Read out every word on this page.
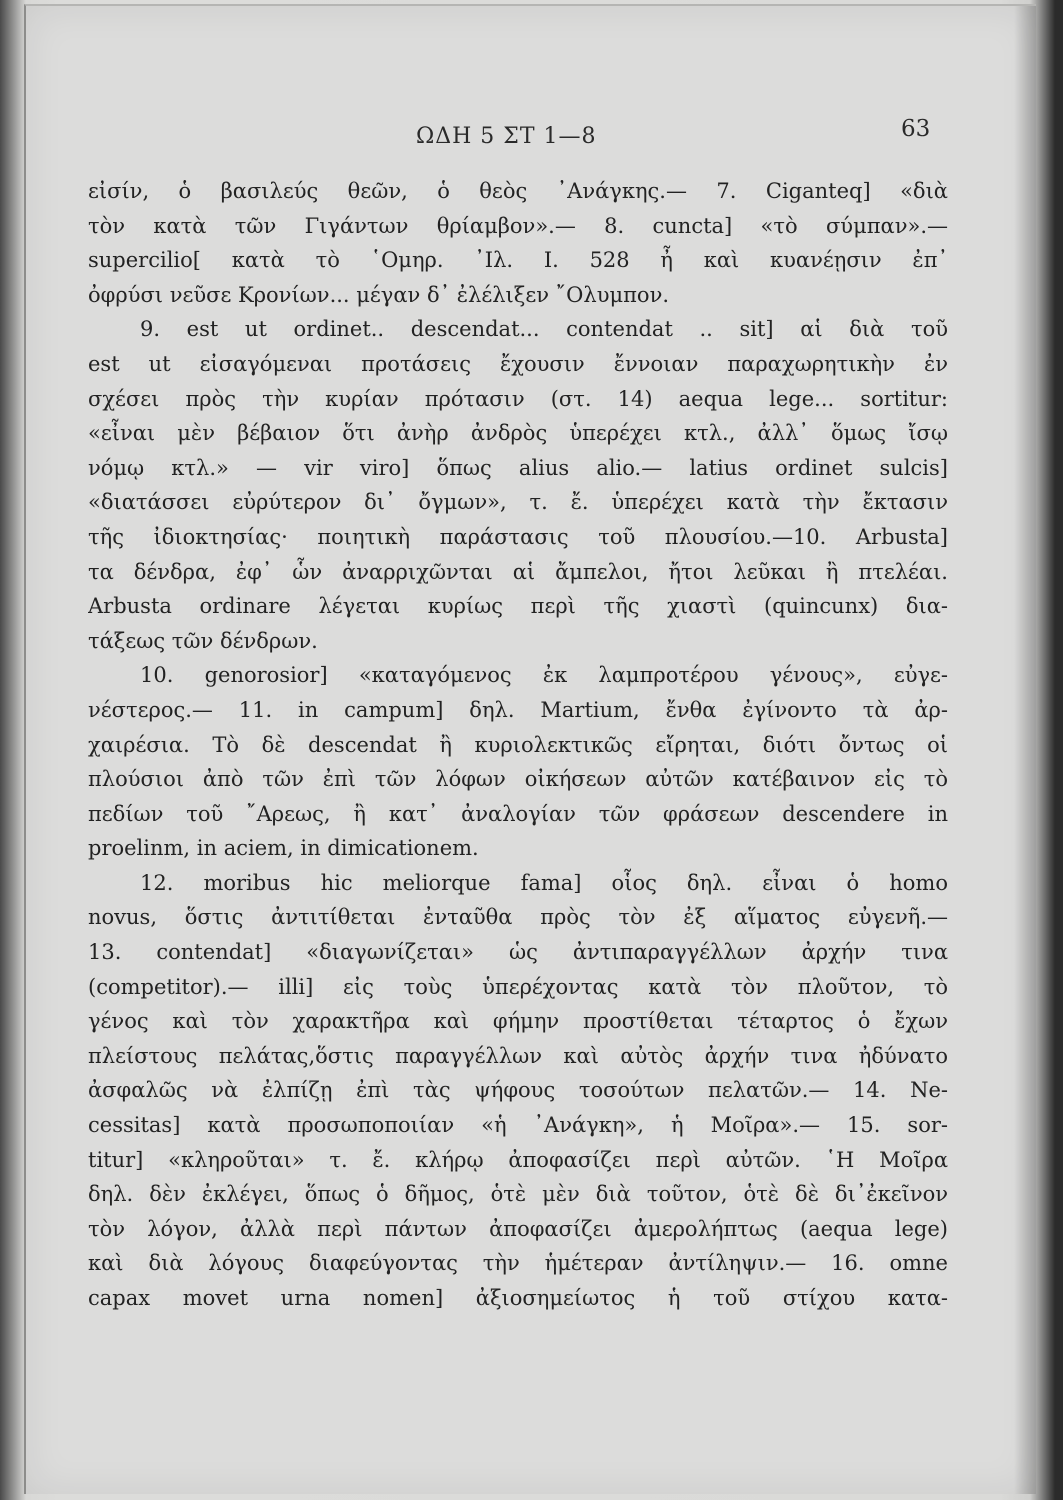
ΩΔΗ 5 ΣΤ 1—8	63
εἰσίν, ὁ βασιλεύς θεῶν, ὁ θεὸς ᾿Ανάγκης.— 7. Ciganteq] «διὰ
τὸν κατὰ τῶν Γιγάντων θρίαμβον».— 8. cuncta] «τὸ σύμπαν».—
supercilio[ κατὰ τὸ ῾Ομηρ. ᾿Ιλ. Ι. 528 ἦ καὶ κυανέῃσιν ἐπ᾿
ὀφρύσι νεῦσε Κρονίων... μέγαν δ᾿ ἐλέλιξεν ῎Ολυμπον.
9. est ut ordinet.. descendat... contendat .. sit] αἱ διὰ τοῦ
est ut εἰσαγόμεναι προτάσεις ἔχουσιν ἔννοιαν παραχωρητικὴν ἐν
σχέσει πρὸς τὴν κυρίαν πρότασιν (στ. 14) aequa lege... sortitur:
«εἶναι μὲν βέβαιον ὅτι ἀνὴρ ἀνδρὸς ὑπερέχει κτλ., ἀλλ᾿ ὅμως ἴσῳ
νόμῳ κτλ.» — vir viro] ὅπως alius alio.— latius ordinet sulcis]
«διατάσσει εὐρύτερον δι᾿ ὄγμων», τ. ἔ. ὑπερέχει κατὰ τὴν ἔκτασιν
τῆς ἰδιοκτησίας· ποιητικὴ παράστασις τοῦ πλουσίου.—10. Arbusta]
τα δένδρα, ἐφ᾿ ὧν ἀναρριχῶνται αἱ ἄμπελοι, ἤτοι λεῦκαι ἢ πτελέαι.
Arbusta ordinare λέγεται κυρίως περὶ τῆς χιαστὶ (quincunx) δια-
τάξεως τῶν δένδρων.
10. genorosior] «καταγόμενος ἐκ λαμπροτέρου γένους», εὐγε-
νέστερος.— 11. in campum] δηλ. Martium, ἔνθα ἐγίνοντο τὰ ἀρ-
χαιρέσια. Τὸ δὲ descendat ἢ κυριολεκτικῶς εἴρηται, διότι ὄντως οἱ
πλούσιοι ἀπὸ τῶν ἐπὶ τῶν λόφων οἰκήσεων αὐτῶν κατέβαινον εἰς τὸ
πεδίων τοῦ ῎Αρεως, ἢ κατ᾿ ἀναλογίαν τῶν φράσεων descendere in
proelinm, in aciem, in dimicationem.
12. moribus hic meliorque fama] οἷος δηλ. εἶναι ὁ homo
novus, ὅστις ἀντιτίθεται ἐνταῦθα πρὸς τὸν ἐξ αἵματος εὐγενῆ.—
13. contendat] «διαγωνίζεται» ὡς ἀντιπαραγγέλλων ἀρχήν τινα
(competitor).— illi] εἰς τοὺς ὑπερέχοντας κατὰ τὸν πλοῦτον, τὸ
γένος καὶ τὸν χαρακτῆρα καὶ φήμην προστίθεται τέταρτος ὁ ἔχων
πλείστους πελάτας,ὅστις παραγγέλλων καὶ αὐτὸς ἀρχήν τινα ἠδύνατο
ἀσφαλῶς νὰ ἐλπίζῃ ἐπὶ τὰς ψήφους τοσούτων πελατῶν.— 14. Ne-
cessitas] κατὰ προσωποποιίαν «ἡ ᾿Ανάγκη», ἡ Μοῖρα».— 15. sor-
titur] «κληροῦται» τ. ἔ. κλήρῳ ἀποφασίζει περὶ αὐτῶν. ῾Η Μοῖρα
δηλ. δὲν ἐκλέγει, ὅπως ὁ δῆμος, ὁτὲ μὲν διὰ τοῦτον, ὁτὲ δὲ δι᾿ἐκεῖνον
τὸν λόγον, ἀλλὰ περὶ πάντων ἀποφασίζει ἀμερολήπτως (aequa lege)
καὶ διὰ λόγους διαφεύγοντας τὴν ἡμέτεραν ἀντίληψιν.— 16. omne
capax movet urna nomen] ἀξιοσημείωτος ἡ τοῦ στίχου κατα-
